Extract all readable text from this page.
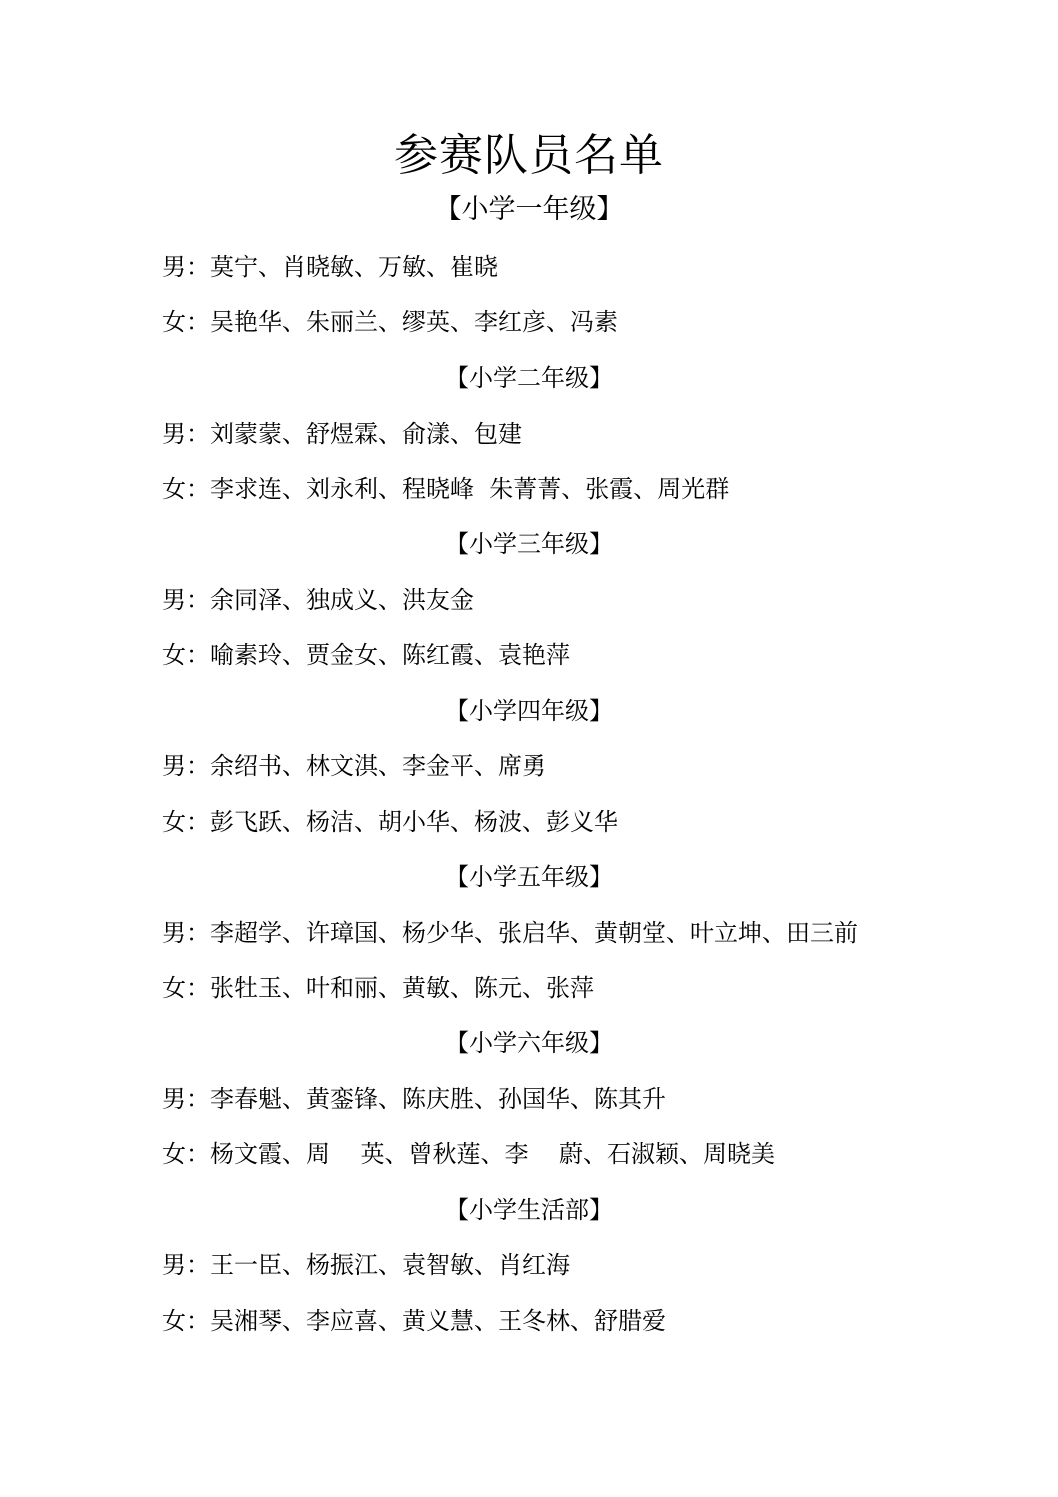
参赛队员名单
【小学一年级】
男：莫宁、肖晓敏、万敏、崔晓
女：吴艳华、朱丽兰、缪英、李红彦、冯素
【小学二年级】
男：刘蒙蒙、舒煜霖、俞漾、包建
女：李求连、刘永利、程晓峰  朱菁菁、张霞、周光群
【小学三年级】
男：余同泽、独成义、洪友金
女：喻素玲、贾金女、陈红霞、袁艳萍
【小学四年级】
男：余绍书、林文淇、李金平、席勇
女：彭飞跃、杨洁、胡小华、杨波、彭义华
【小学五年级】
男：李超学、许璋国、杨少华、张启华、黄朝堂、叶立坤、田三前
女：张牡玉、叶和丽、黄敏、陈元、张萍
【小学六年级】
男：李春魁、黄銮锋、陈庆胜、孙国华、陈其升
女：杨文霞、周    英、曾秋莲、李    蔚、石淑颖、周晓美
【小学生活部】
男：王一臣、杨振江、袁智敏、肖红海
女：吴湘琴、李应喜、黄义慧、王冬林、舒腊爱
